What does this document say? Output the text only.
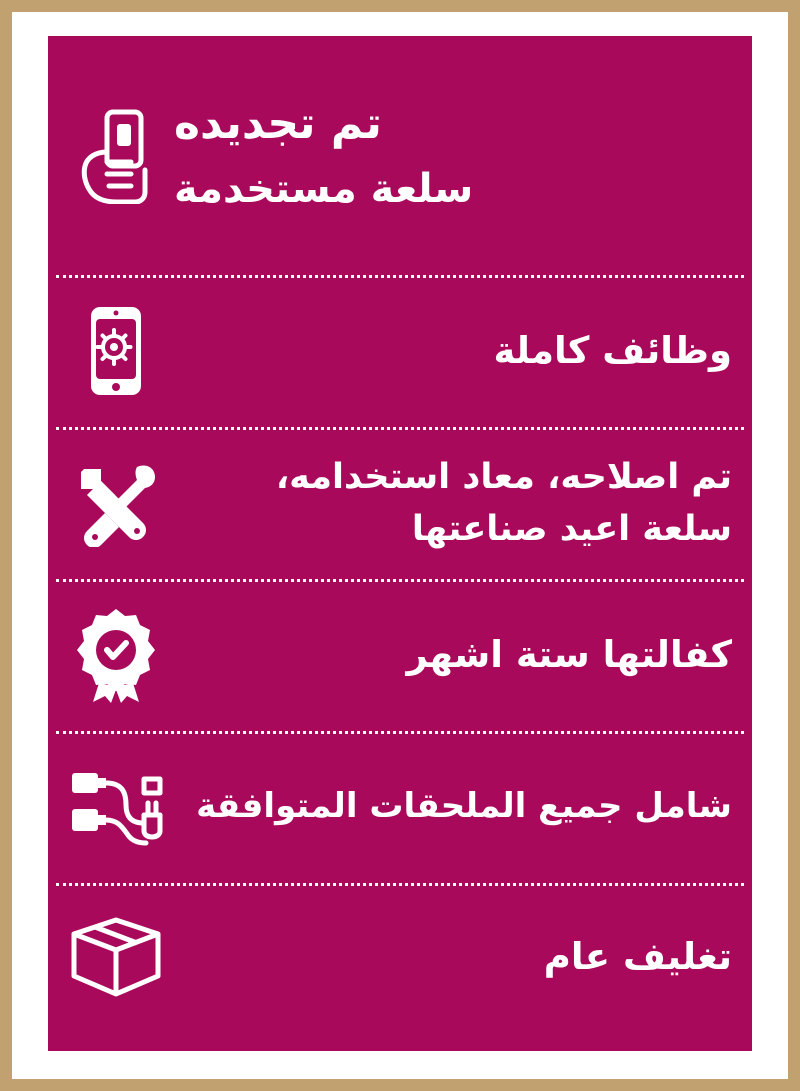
تم تجديده
سلعة مستخدمة
وظائف كاملة
تم اصلاحه، معاد استخدامه، سلعة اعيد صناعتها
كفالتها ستة اشهر
شامل جميع الملحقات المتوافقة
تغليف عام
